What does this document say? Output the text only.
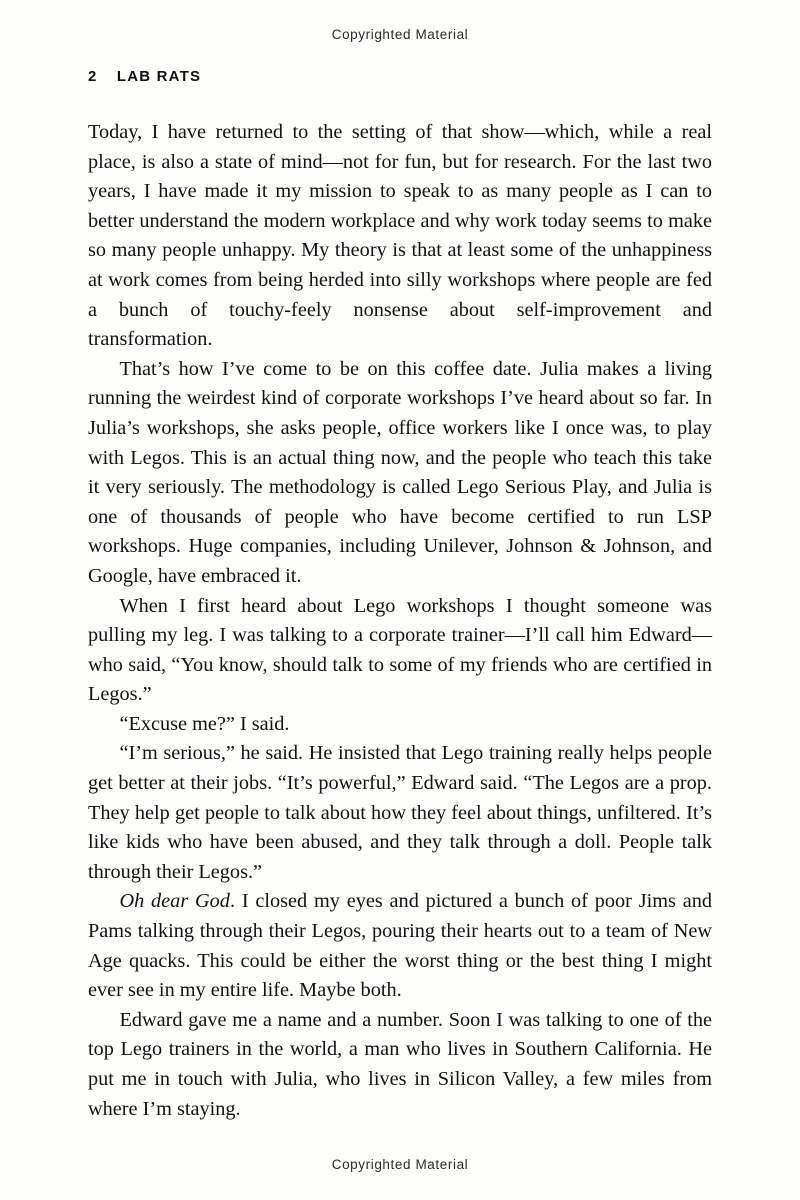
Copyrighted Material
2 LAB RATS

Today, I have returned to the setting of that show—which, while a real place, is also a state of mind—not for fun, but for research. For the last two years, I have made it my mission to speak to as many people as I can to better understand the modern workplace and why work today seems to make so many people unhappy. My theory is that at least some of the unhappiness at work comes from being herded into silly workshops where people are fed a bunch of touchy-feely nonsense about self-improvement and transformation.

That’s how I’ve come to be on this coffee date. Julia makes a living running the weirdest kind of corporate workshops I’ve heard about so far. In Julia’s workshops, she asks people, office workers like I once was, to play with Legos. This is an actual thing now, and the people who teach this take it very seriously. The methodology is called Lego Serious Play, and Julia is one of thousands of people who have become certified to run LSP workshops. Huge companies, including Unilever, Johnson & Johnson, and Google, have embraced it.

When I first heard about Lego workshops I thought someone was pulling my leg. I was talking to a corporate trainer—I’ll call him Edward—who said, “You know, should talk to some of my friends who are certified in Legos.”

“Excuse me?” I said.

“I’m serious,” he said. He insisted that Lego training really helps people get better at their jobs. “It’s powerful,” Edward said. “The Legos are a prop. They help get people to talk about how they feel about things, unfiltered. It’s like kids who have been abused, and they talk through a doll. People talk through their Legos.”

Oh dear God. I closed my eyes and pictured a bunch of poor Jims and Pams talking through their Legos, pouring their hearts out to a team of New Age quacks. This could be either the worst thing or the best thing I might ever see in my entire life. Maybe both.

Edward gave me a name and a number. Soon I was talking to one of the top Lego trainers in the world, a man who lives in Southern California. He put me in touch with Julia, who lives in Silicon Valley, a few miles from where I’m staying.

Copyrighted Material
